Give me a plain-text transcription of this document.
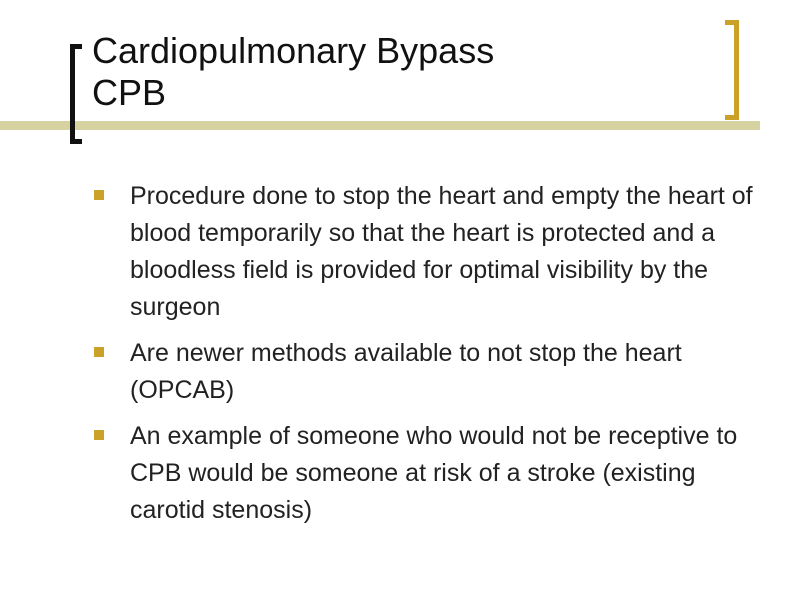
Cardiopulmonary Bypass
CPB
Procedure done to stop the heart and empty the heart of blood temporarily so that the heart is protected and a bloodless field is provided for optimal visibility by the surgeon
Are newer methods available to not stop the heart (OPCAB)
An example of someone who would not be receptive to CPB would be someone at risk of a stroke (existing carotid stenosis)
